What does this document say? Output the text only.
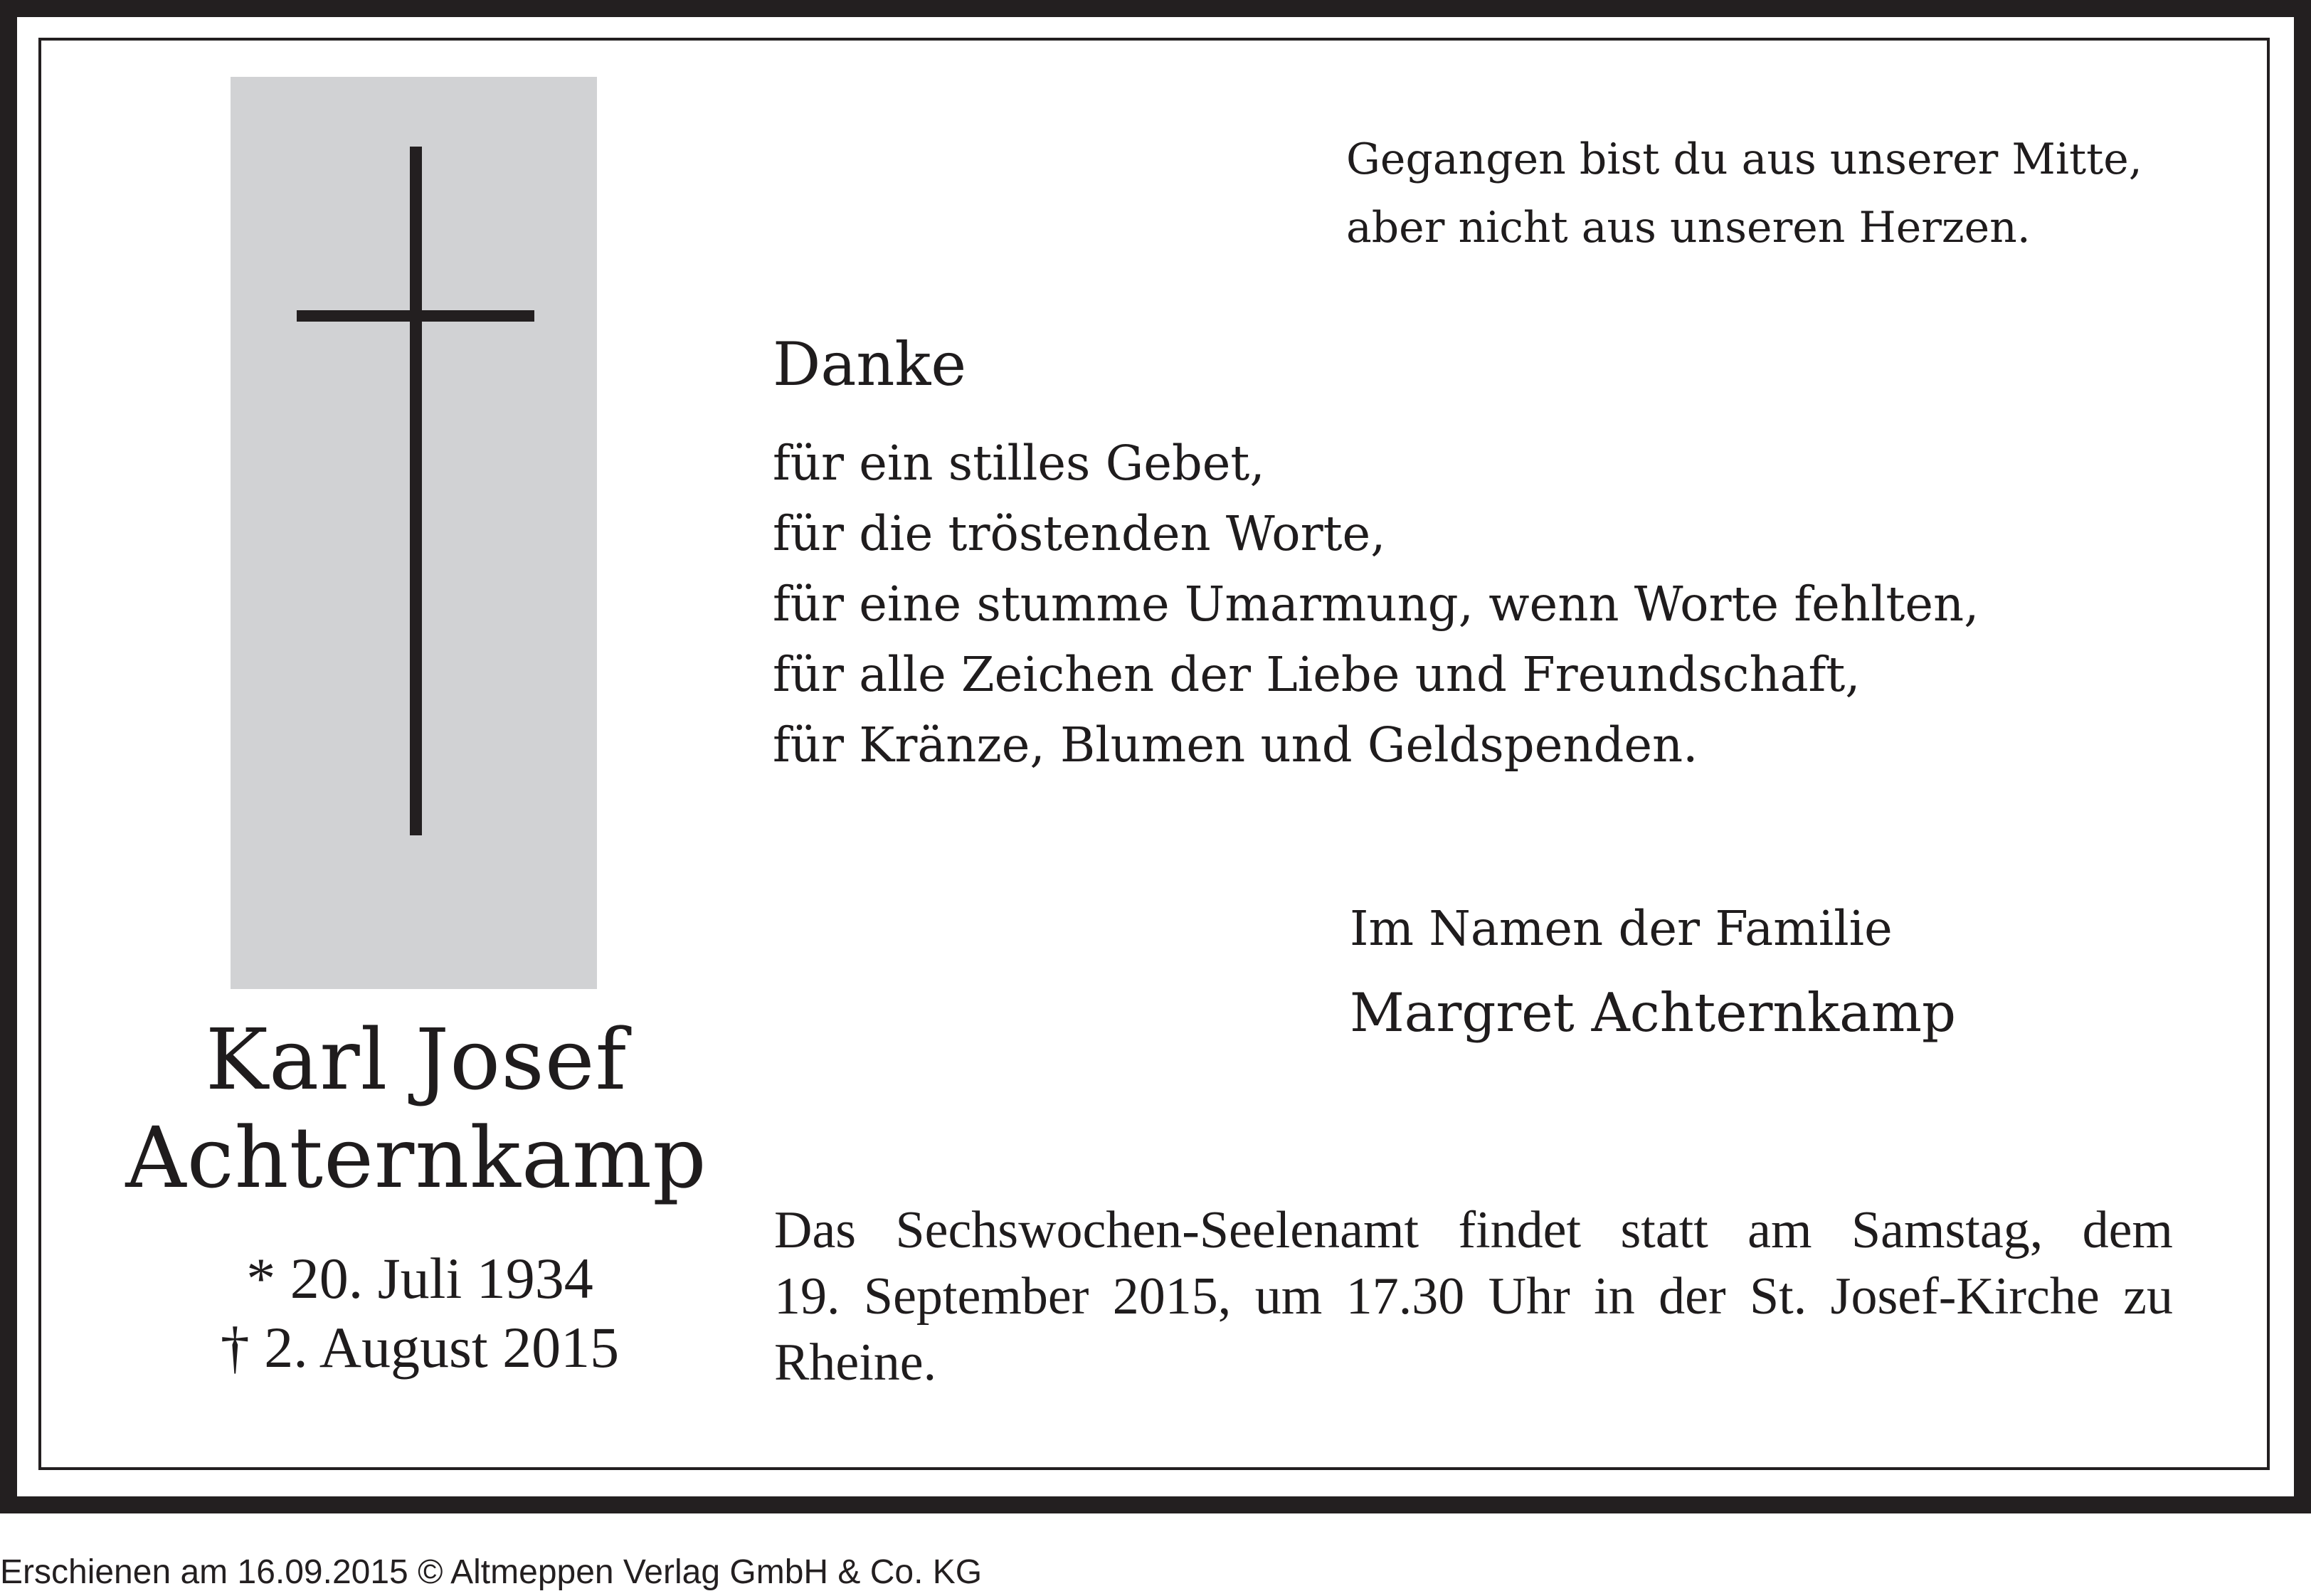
Gegangen bist du aus unserer Mitte,
aber nicht aus unseren Herzen.
Danke
für ein stilles Gebet,
für die tröstenden Worte,
für eine stumme Umarmung, wenn Worte fehlten,
für alle Zeichen der Liebe und Freundschaft,
für Kränze, Blumen und Geldspenden.
Im Namen der Familie
Margret Achternkamp
Karl Josef
Achternkamp
* 20. Juli 1934
† 2. August 2015
Das Sechswochen-Seelenamt findet statt am Samstag, dem
19. September 2015, um 17.30 Uhr in der St. Josef-Kirche zu
Rheine.
Erschienen am 16.09.2015 © Altmeppen Verlag GmbH & Co. KG
